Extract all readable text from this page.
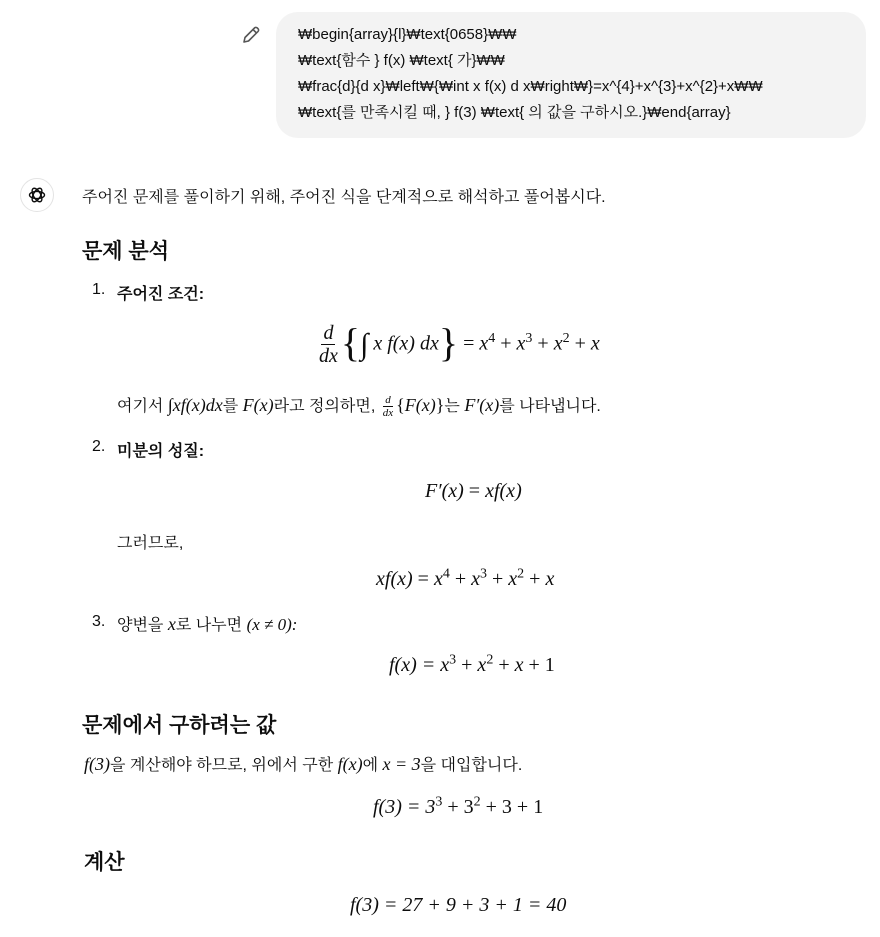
₩begin{array}{l}₩text{0658}₩₩
₩text{함수 } f(x) ₩text{ 가}₩₩
₩frac{d}{d x}₩left₩{₩int x f(x) d x₩right₩}=x^{4}+x^{3}+x^{2}+x₩₩
₩text{를 만족시킬 때, } f(3) ₩text{ 의 값을 구하시오.}₩end{array}
주어진 문제를 풀이하기 위해, 주어진 식을 단계적으로 해석하고 풀어봅시다.
문제 분석
1. 주어진 조건:
$\frac{d}{dx}$ {∫ x f(x) $dx\} = x^4 + x^3 + x^2 + x$
여기서 ∫xf(x)dx를 F(x)라고 정의하면, $\frac{d}{dx} \{F(x)\}$는 F′(x)를 나타냅니다.
2. 미분의 성질:
F′(x) = xf(x)
그러므로,
$xf(x) = x^4 + x^3 + x^2 + x$
3. 양변을 x로 나누면 (x ≠ 0):
$f(x) = x^3 + x^2 + x + 1$
문제에서 구하려는 값
f(3)을 계산해야 하므로, 위에서 구한 f(x)에 x = 3을 대입합니다.
$f(3) = 3^3 + 3^2 + 3 + 1$
계산
f(3) = 27 + 9 + 3 + 1 = 40
